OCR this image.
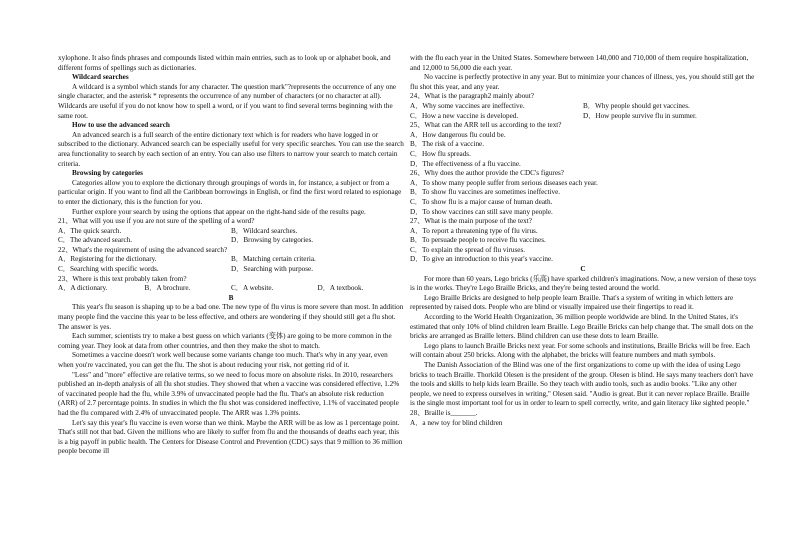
xylophone. It also finds phrases and compounds listed within main entries, such as to look up or alphabet book, and different forms of spellings such as dictionaries.

Wildcard searches

A wildcard is a symbol which stands for any character. The question mark"?represents the occurrence of any one single character, and the asterisk * represents the occurrence of any number of characters (or no character at all). Wildcards are useful if you do not know how to spell a word, or if you want to find several terms beginning with the same root.

How to use the advanced search

An advanced search is a full search of the entire dictionary text which is for readers who have logged in or subscribed to the dictionary. Advanced search can be especially useful for very specific searches. You can use the search area functionality to search by each section of an entry. You can also use filters to narrow your search to match certain criteria.

Browsing by categories

Categories allow you to explore the dictionary through groupings of words in, for instance, a subject or from a particular origin. If you want to find all the Caribbean borrowings in English, or find the first word related to espionage to enter the dictionary, this is the function for you.

Further explore your search by using the options that appear on the right-hand side of the results page.

21、What will you use if you are not sure of the spelling of a word?

A．The quick search.	B．Wildcard searches.
C．The advanced search.	D．Browsing by categories.

22、What's the requirement of using the advanced search?

A．Registering for the dictionary.	B．Matching certain criteria.
C．Searching with specific words.	D．Searching with purpose.

23、Where is this text probably taken from?

A．A dictionary.	B．A brochure.	C．A website.	D．A textbook.

B

This year's flu season is shaping up to be a bad one. The new type of flu virus is more severe than most. In addition many people find the vaccine this year to be less effective, and others are wondering if they should still get a flu shot. The answer is yes.

Each summer, scientists try to make a best guess on which variants (变体) are going to be more common in the coming year. They look at data from other countries, and then they make the shot to match.

Sometimes a vaccine doesn't work well because some variants change too much. That's why in any year, even when you're vaccinated, you can get the flu. The shot is about reducing your risk, not getting rid of it.

"Less" and "more" effective are relative terms, so we need to focus more on absolute risks. In 2010, researchers published an in-depth analysis of all flu shot studies. They showed that when a vaccine was considered effective, 1.2% of vaccinated people had the flu, while 3.9% of unvaccinated people had the flu. That's an absolute risk reduction (ARR) of 2.7 percentage points. In studies in which the flu shot was considered ineffective, 1.1% of vaccinated people had the flu compared with 2.4% of unvaccinated people. The ARR was 1.3% points.

Let's say this year's flu vaccine is even worse than we think. Maybe the ARR will be as low as 1 percentage point. That's still not that bad. Given the millions who are likely to suffer from flu and the thousands of deaths each year, this is a big payoff in public health. The Centers for Disease Control and Prevention (CDC) says that 9 million to 36 million people become ill

with the flu each year in the United States. Somewhere between 140,000 and 710,000 of them require hospitalization, and 12,000 to 56,000 die each year.

No vaccine is perfectly protective in any year. But to minimize your chances of illness, yes, you should still get the flu shot this year, and any year.

24、What is the paragraph2 mainly about?

A．Why some vaccines are ineffective.	B．Why people should get vaccines.
C．How a new vaccine is developed.	D．How people survive flu in summer.

25、What can the ARR tell us according to the text?

A．How dangerous flu could be.

B．The risk of a vaccine.

C．How flu spreads.

D．The effectiveness of a flu vaccine.

26、Why does the author provide the CDC's figures?

A．To show many people suffer from serious diseases each year.

B．To show flu vaccines are sometimes ineffective.

C．To show flu is a major cause of human death.

D．To show vaccines can still save many people.

27、What is the main purpose of the text?

A．To report a threatening type of flu virus.

B．To persuade people to receive flu vaccines.

C．To explain the spread of flu viruses.

D．To give an introduction to this year's vaccine.

C

For more than 60 years, Lego bricks (乐高) have sparked children's imaginations. Now, a new version of these toys is in the works. They're Lego Braille Bricks, and they're being tested around the world.

Lego Braille Bricks are designed to help people learn Braille. That's a system of writing in which letters are represented by raised dots. People who are blind or visually impaired use their fingertips to read it.

According to the World Health Organization, 36 million people worldwide are blind. In the United States, it's estimated that only 10% of blind children learn Braille. Lego Braille Bricks can help change that. The small dots on the bricks are arranged as Braille letters. Blind children can use these dots to learn Braille.

Lego plans to launch Braille Bricks next year. For some schools and institutions, Braille Bricks will be free. Each will contain about 250 bricks. Along with the alphabet, the bricks will feature numbers and math symbols.

The Danish Association of the Blind was one of the first organizations to come up with the idea of using Lego bricks to teach Braille. Thorkild Olesen is the president of the group. Olesen is blind. He says many teachers don't have the tools and skills to help kids learn Braille. So they teach with audio tools, such as audio books. "Like any other people, we need to express ourselves in writing," Olesen said. "Audio is great. But it can never replace Braille. Braille is the single most important tool for us in order to learn to spell correctly, write, and gain literacy like sighted people."

28、Braille is_______.

A．a new toy for blind children
